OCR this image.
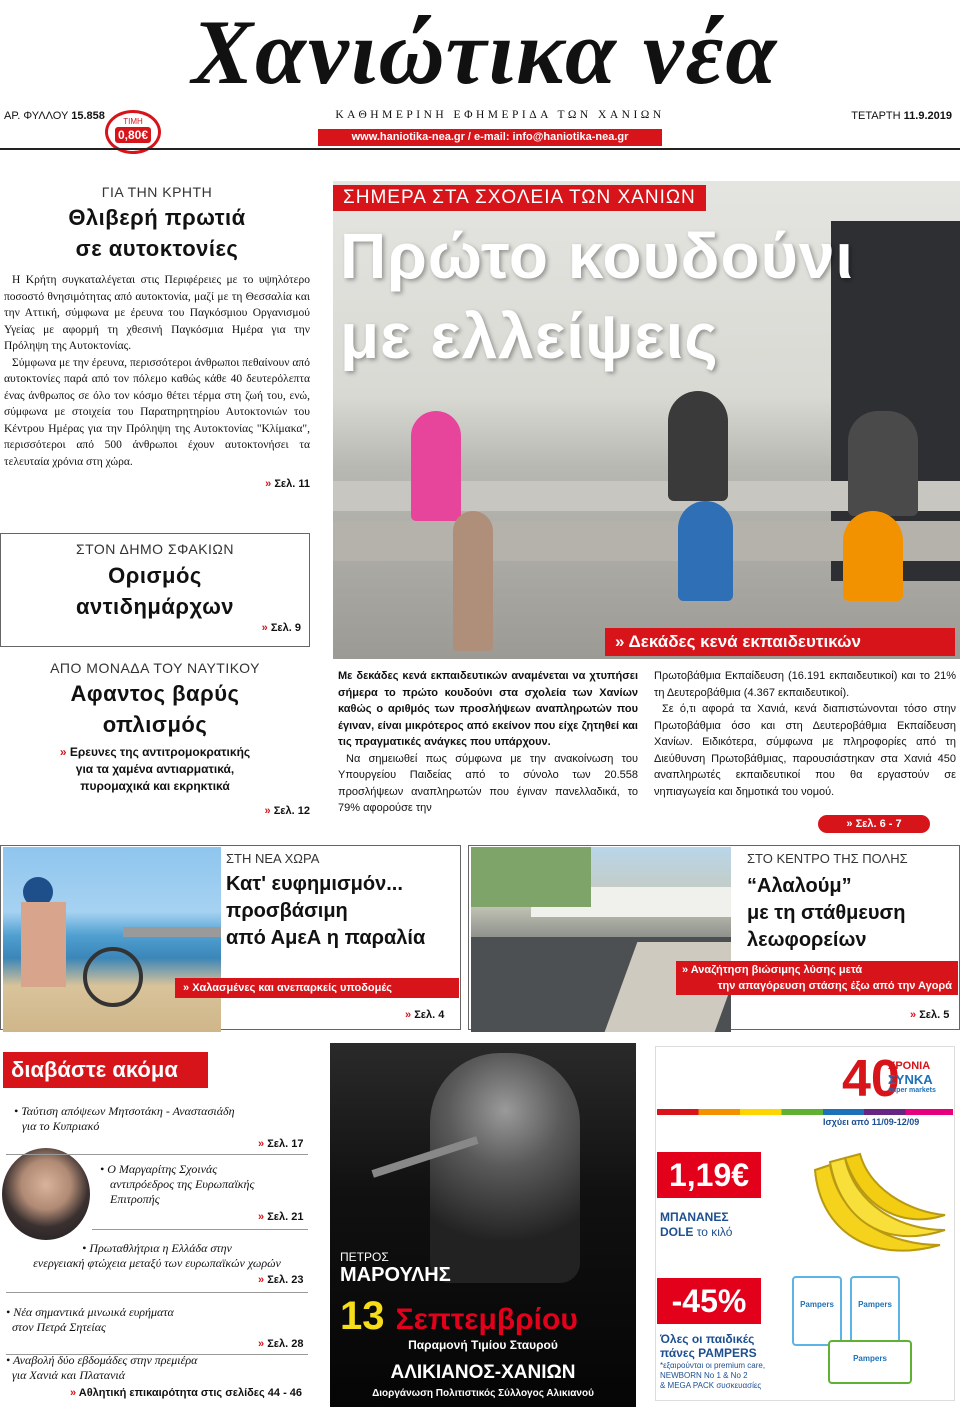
Χανιώτικα νέα
ΑΡ. ΦΥΛΛΟΥ 15.858	ΤΙΜΗ
0,80€
ΚΑΘΗΜΕΡΙΝΗ ΕΦΗΜΕΡΙΔΑ ΤΩΝ ΧΑΝΙΩΝ	ΤΕΤΑΡΤΗ 11.9.2019
www.haniotika-nea.gr / e-mail: info@haniotika-nea.gr
ΓΙΑ ΤΗΝ ΚΡΗΤΗ
Θλιβερή πρωτιά
σε αυτοκτονίες

Η Κρήτη συγκαταλέγεται στις Περιφέρειες με το υψηλότερο ποσοστό θνησιμότητας από αυτοκτονία, μαζί με τη Θεσσαλία και την Αττική, σύμφωνα με έρευνα του Παγκόσμιου Οργανισμού Υγείας με αφορμή τη χθεσινή Παγκόσμια Ημέρα για την Πρόληψη της Αυτοκτονίας.

Σύμφωνα με την έρευνα, περισσότεροι άνθρωποι πεθαίνουν από αυτοκτονίες παρά από τον πόλεμο καθώς κάθε 40 δευτερόλεπτα ένας άνθρωπος σε όλο τον κόσμο θέτει τέρμα στη ζωή του, ενώ, σύμφωνα με στοιχεία του Παρατηρητηρίου Αυτοκτονιών του Κέντρου Ημέρας για την Πρόληψη της Αυτοκτονίας "Κλίμακα", περισσότεροι από 500 άνθρωποι έχουν αυτοκτονήσει τα τελευταία χρόνια στη χώρα.

» Σελ. 11
ΣΤΟΝ ΔΗΜΟ ΣΦΑΚΙΩΝ
Ορισμός
αντιδημάρχων
» Σελ. 9
ΑΠΟ ΜΟΝΑΔΑ ΤΟΥ ΝΑΥΤΙΚΟΥ
Αφαντος βαρύς
οπλισμός
» Ερευνες της αντιτρομοκρατικής
για τα χαμένα αντιαρματικά,
πυρομαχικά και εκρηκτικά
» Σελ. 12
ΣΗΜΕΡΑ ΣΤΑ ΣΧΟΛΕΙΑ ΤΩΝ ΧΑΝΙΩΝ
Πρώτο κουδούνι
με ελλείψεις
» Δεκάδες κενά εκπαιδευτικών

Με δεκάδες κενά εκπαιδευτικών αναμένεται να χτυπήσει σήμερα το πρώτο κουδούνι στα σχολεία των Χανίων καθώς ο αριθμός των προσλήψεων αναπληρωτών που έγιναν, είναι μικρότερος από εκείνον που είχε ζητηθεί και τις πραγματικές ανάγκες που υπάρχουν.

Να σημειωθεί πως σύμφωνα με την ανακοίνωση του Υπουργείου Παιδείας από το σύνολο των 20.558 προσλήψεων αναπληρωτών που έγιναν πανελλαδικά, το 79% αφορούσε την

Πρωτοβάθμια Εκπαίδευση (16.191 εκπαιδευτικοί) και το 21% τη Δευτεροβάθμια (4.367 εκπαιδευτικοί).

Σε ό,τι αφορά τα Χανιά, κενά διαπιστώνονται τόσο στην Πρωτοβάθμια όσο και στη Δευτεροβάθμια Εκπαίδευση Χανίων. Ειδικότερα, σύμφωνα με πληροφορίες από τη Διεύθυνση Πρωτοβάθμιας, παρουσιάστηκαν στα Χανιά 450 αναπληρωτές εκπαιδευτικοί που θα εργαστούν σε νηπιαγωγεία και δημοτικά του νομού.

» Σελ. 6 - 7
ΣΤΗ ΝΕΑ ΧΩΡΑ
Κατ' ευφημισμόν...
προσβάσιμη
από ΑμεΑ η παραλία
» Χαλασμένες και ανεπαρκείς υποδομές
» Σελ. 4
ΣΤΟ ΚΕΝΤΡΟ ΤΗΣ ΠΟΛΗΣ
“Αλαλούμ”
με τη στάθμευση
λεωφορείων
» Αναζήτηση βιώσιμης λύσης μετά
την απαγόρευση στάσης έξω από την Αγορά
» Σελ. 5
διαβάστε ακόμα
• Ταύτιση απόψεων Μητσοτάκη - Αναστασιάδη
για το Κυπριακό
» Σελ. 17
• Ο Μαργαρίτης Σχοινάς
αντιπρόεδρος της Ευρωπαϊκής
Επιτροπής
» Σελ. 21
• Πρωταθλήτρια η Ελλάδα στην
ενεργειακή φτώχεια μεταξύ των ευρωπαϊκών χωρών
» Σελ. 23
• Νέα σημαντικά μινωικά ευρήματα
στον Πετρά Σητείας
» Σελ. 28
• Αναβολή δύο εβδομάδες στην πρεμιέρα
για Χανιά και Πλατανιά
» Αθλητική επικαιρότητα στις σελίδες 44 - 46
ΠΕΤΡΟΣ
ΜΑΡΟΥΛΗΣ
13 Σεπτεμβρίου
Παραμονή Τιμίου Σταυρού
ΑΛΙΚΙΑΝΟΣ-ΧΑΝΙΩΝ
Διοργάνωση Πολιτιστικός Σύλλογος Αλικιανού
40
ΧΡΟΝΙΑ
ΣΥΝΚΑ
super markets
Ισχύει από 11/09-12/09
1,19€
ΜΠΑΝΑΝΕΣ
DOLE το κιλό
-45%
Όλες οι παιδικές
πάνες PAMPERS
*εξαιρούνται οι premium care,
NEWBORN No 1 & No 2
& MEGA PACK συσκευασίες
Pampers	Pampers
Pampers
